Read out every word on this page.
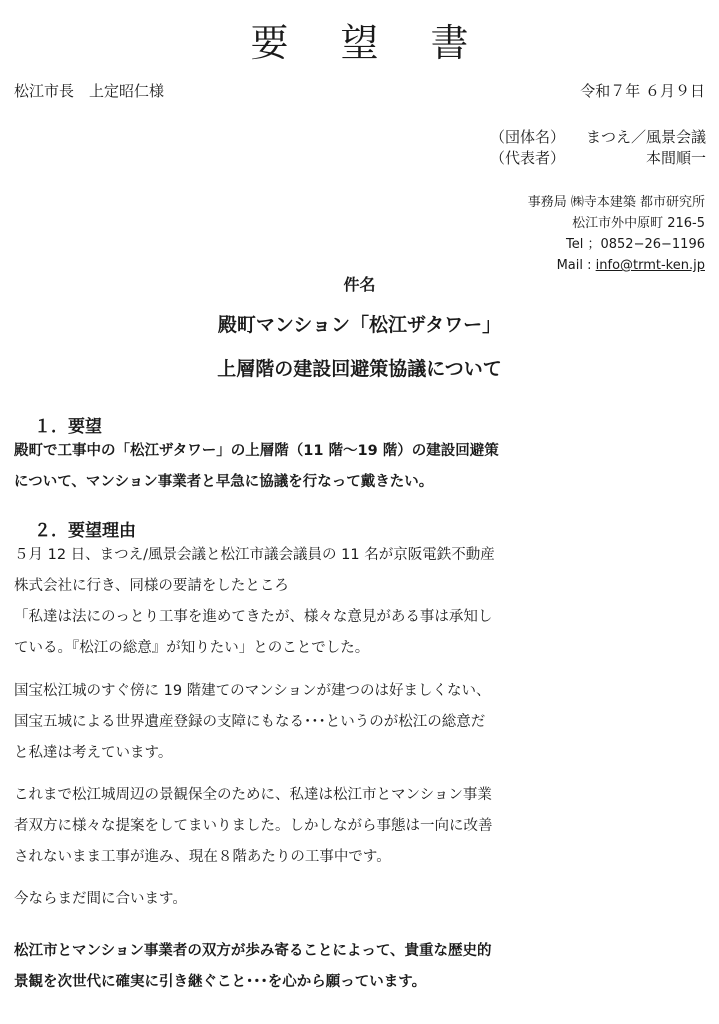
要 望 書
松江市長　上定昭仁様	令和７年 ６月９日
（団体名） まつえ／風景会議
（代表者）	本間順一
事務局 ㈱寺本建築 都市研究所
松江市外中原町 216-5
Tel ；0852−26−1196
Mail : info@trmt-ken.jp
件名
殿町マンション「松江ザタワー」
上層階の建設回避策協議について
１．要望
殿町で工事中の「松江ザタワー」の上層階（11 階〜19 階）の建設回避策
について、マンション事業者と早急に協議を行なって戴きたい。
２．要望理由
５月 12 日、まつえ/風景会議と松江市議会議員の 11 名が京阪電鉄不動産
株式会社に行き、同様の要請をしたところ
「私達は法にのっとり工事を進めてきたが、様々な意見がある事は承知し
ている。『松江の総意』が知りたい」とのことでした。
国宝松江城のすぐ傍に 19 階建てのマンションが建つのは好ましくない、
国宝五城による世界遺産登録の支障にもなる･･･というのが松江の総意だ
と私達は考えています。
これまで松江城周辺の景観保全のために、私達は松江市とマンション事業
者双方に様々な提案をしてまいりました。しかしながら事態は一向に改善
されないまま工事が進み、現在８階あたりの工事中です。
今ならまだ間に合います。
松江市とマンション事業者の双方が歩み寄ることによって、貴重な歴史的
景観を次世代に確実に引き継ぐこと･･･を心から願っています。
